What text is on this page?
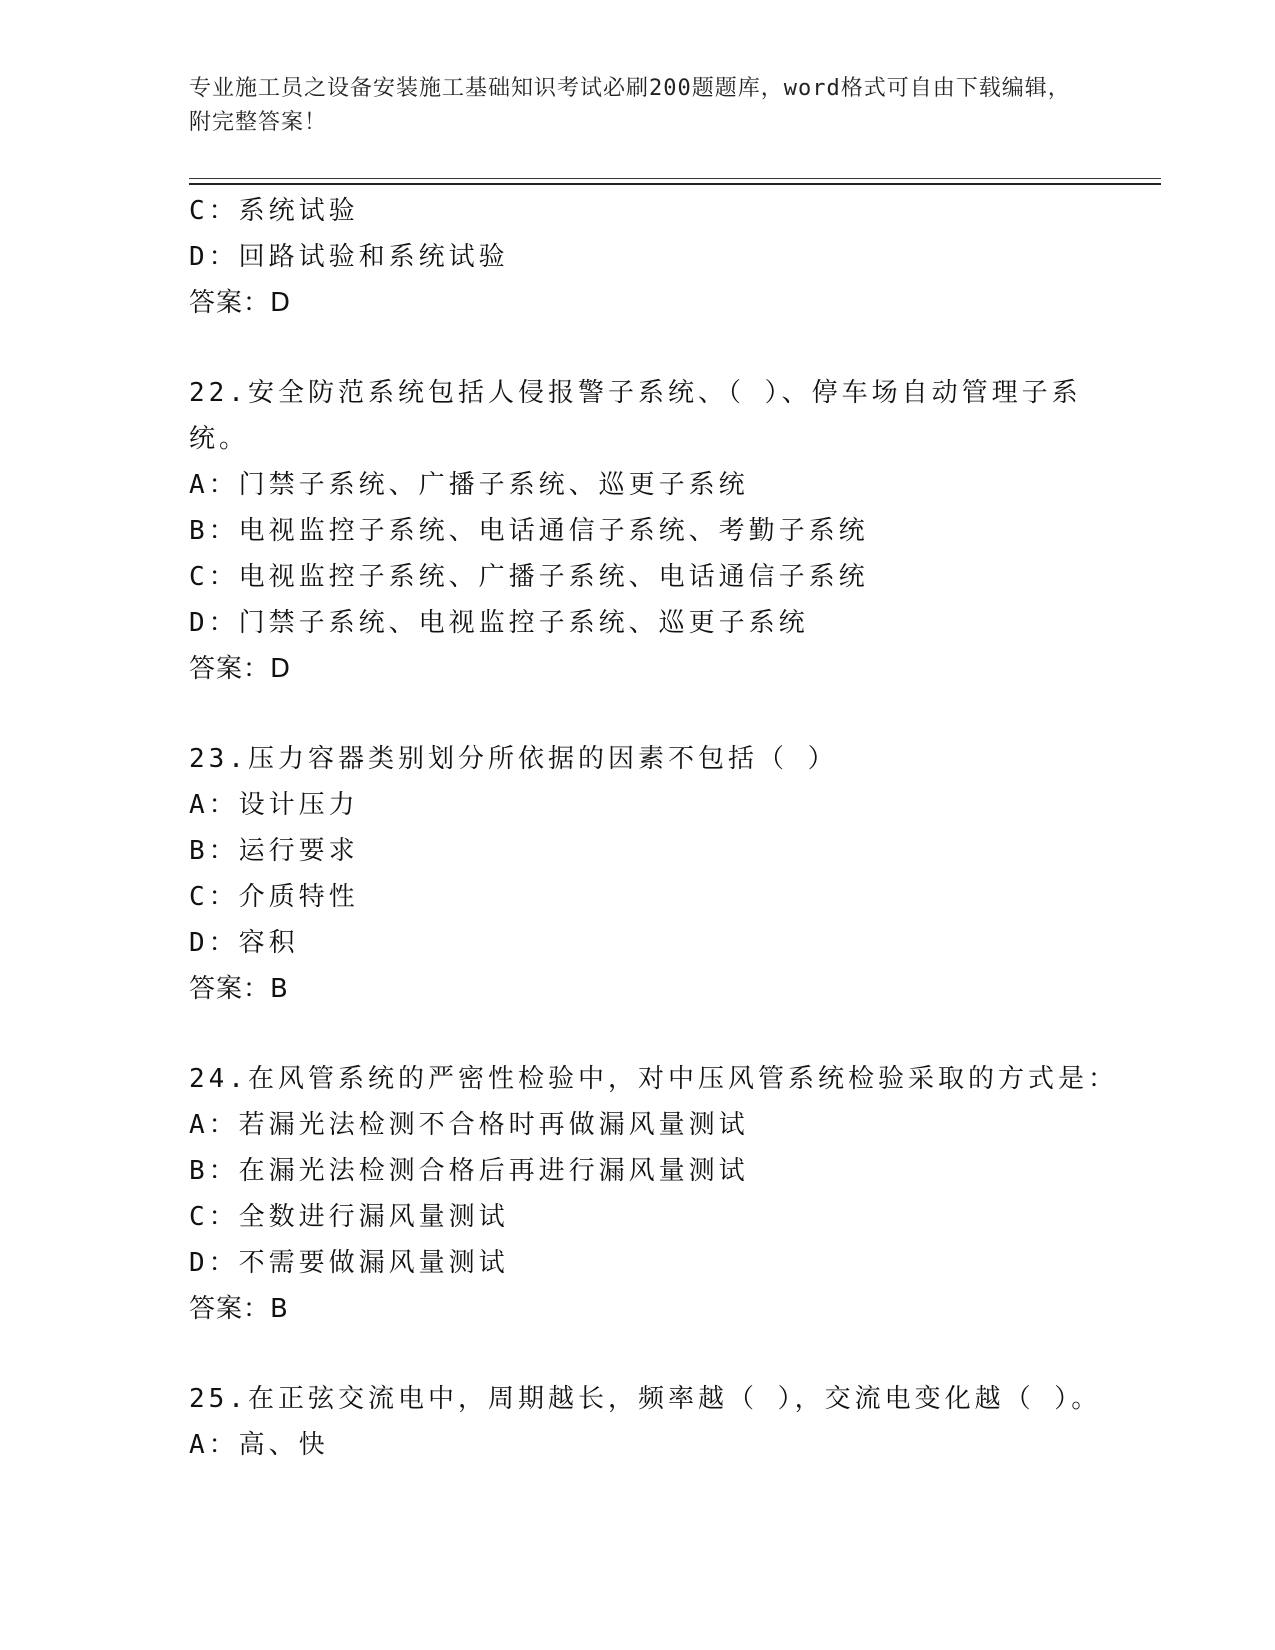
专业施工员之设备安装施工基础知识考试必刷200题题库，word格式可自由下载编辑，附完整答案！
C：系统试验
D：回路试验和系统试验
答案：D
22.安全防范系统包括人侵报警子系统、（ ）、停车场自动管理子系统。
A：门禁子系统、广播子系统、巡更子系统
B：电视监控子系统、电话通信子系统、考勤子系统
C：电视监控子系统、广播子系统、电话通信子系统
D：门禁子系统、电视监控子系统、巡更子系统
答案：D
23.压力容器类别划分所依据的因素不包括（ ）
A：设计压力
B：运行要求
C：介质特性
D：容积
答案：B
24.在风管系统的严密性检验中，对中压风管系统检验采取的方式是：
A：若漏光法检测不合格时再做漏风量测试
B：在漏光法检测合格后再进行漏风量测试
C：全数进行漏风量测试
D：不需要做漏风量测试
答案：B
25.在正弦交流电中，周期越长，频率越（ ），交流电变化越（ ）。
A：高、快
